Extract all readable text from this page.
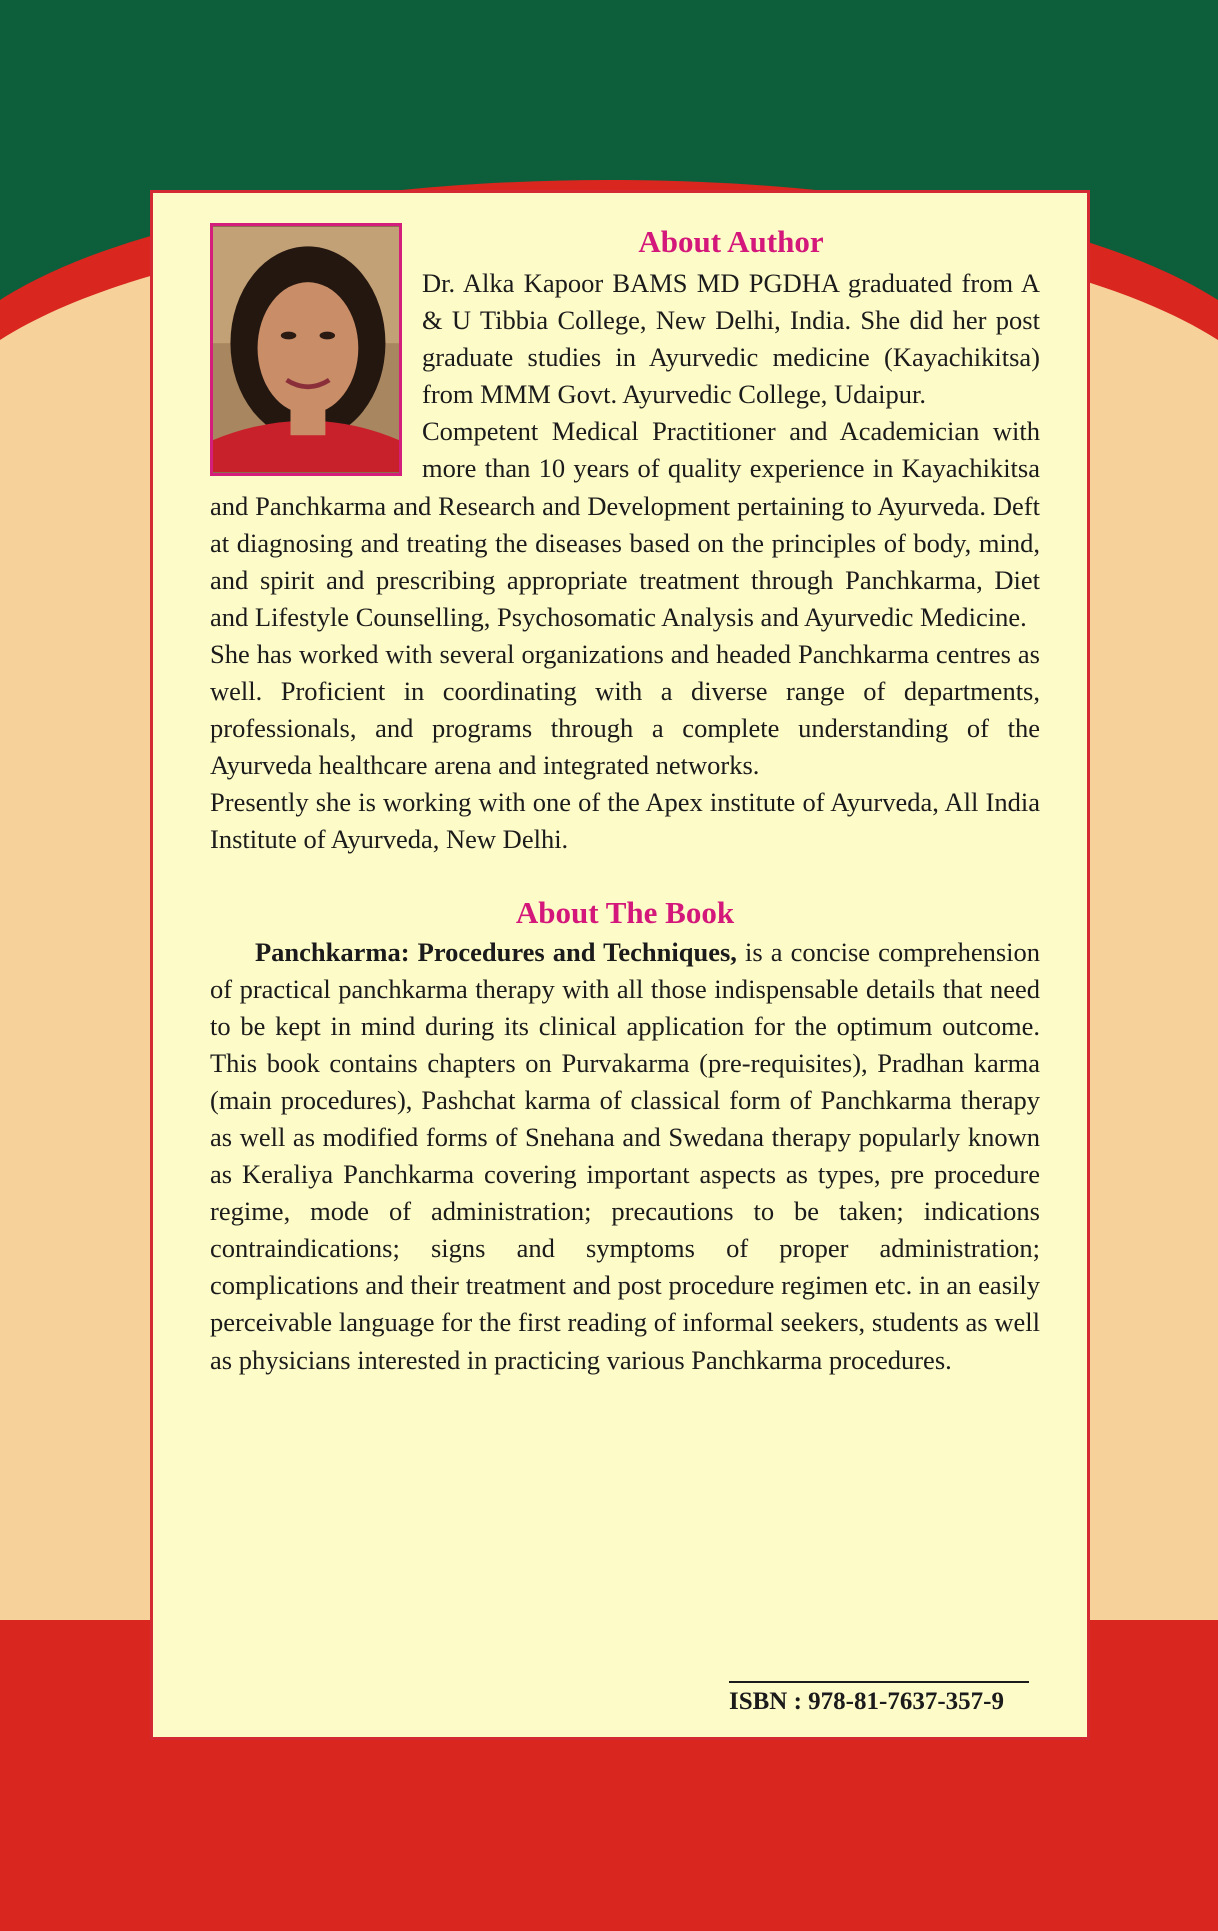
About Author

Dr. Alka Kapoor BAMS MD PGDHA graduated from A & U Tibbia College, New Delhi, India. She did her post graduate studies in Ayurvedic medicine (Kayachikitsa) from MMM Govt. Ayurvedic College, Udaipur.

Competent Medical Practitioner and Academician with more than 10 years of quality experience in Kayachikitsa and Panchkarma and Research and Development pertaining to Ayurveda. Deft at diagnosing and treating the diseases based on the principles of body, mind, and spirit and prescribing appropriate treatment through Panchkarma, Diet and Lifestyle Counselling, Psychosomatic Analysis and Ayurvedic Medicine.

She has worked with several organizations and headed Panchkarma centres as well. Proficient in coordinating with a diverse range of departments, professionals, and programs through a complete understanding of the Ayurveda healthcare arena and integrated networks.

Presently she is working with one of the Apex institute of Ayurveda, All India Institute of Ayurveda, New Delhi.

About The Book

Panchkarma: Procedures and Techniques, is a concise comprehension of practical panchkarma therapy with all those indispensable details that need to be kept in mind during its clinical application for the optimum outcome. This book contains chapters on Purvakarma (pre-requisites), Pradhan karma (main procedures), Pashchat karma of classical form of Panchkarma therapy as well as modified forms of Snehana and Swedana therapy popularly known as Keraliya Panchkarma covering important aspects as types, pre procedure regime, mode of administration; precautions to be taken; indications contraindications; signs and symptoms of proper administration; complications and their treatment and post procedure regimen etc. in an easily perceivable language for the first reading of informal seekers, students as well as physicians interested in practicing various Panchkarma procedures.

ISBN : 978-81-7637-357-9
